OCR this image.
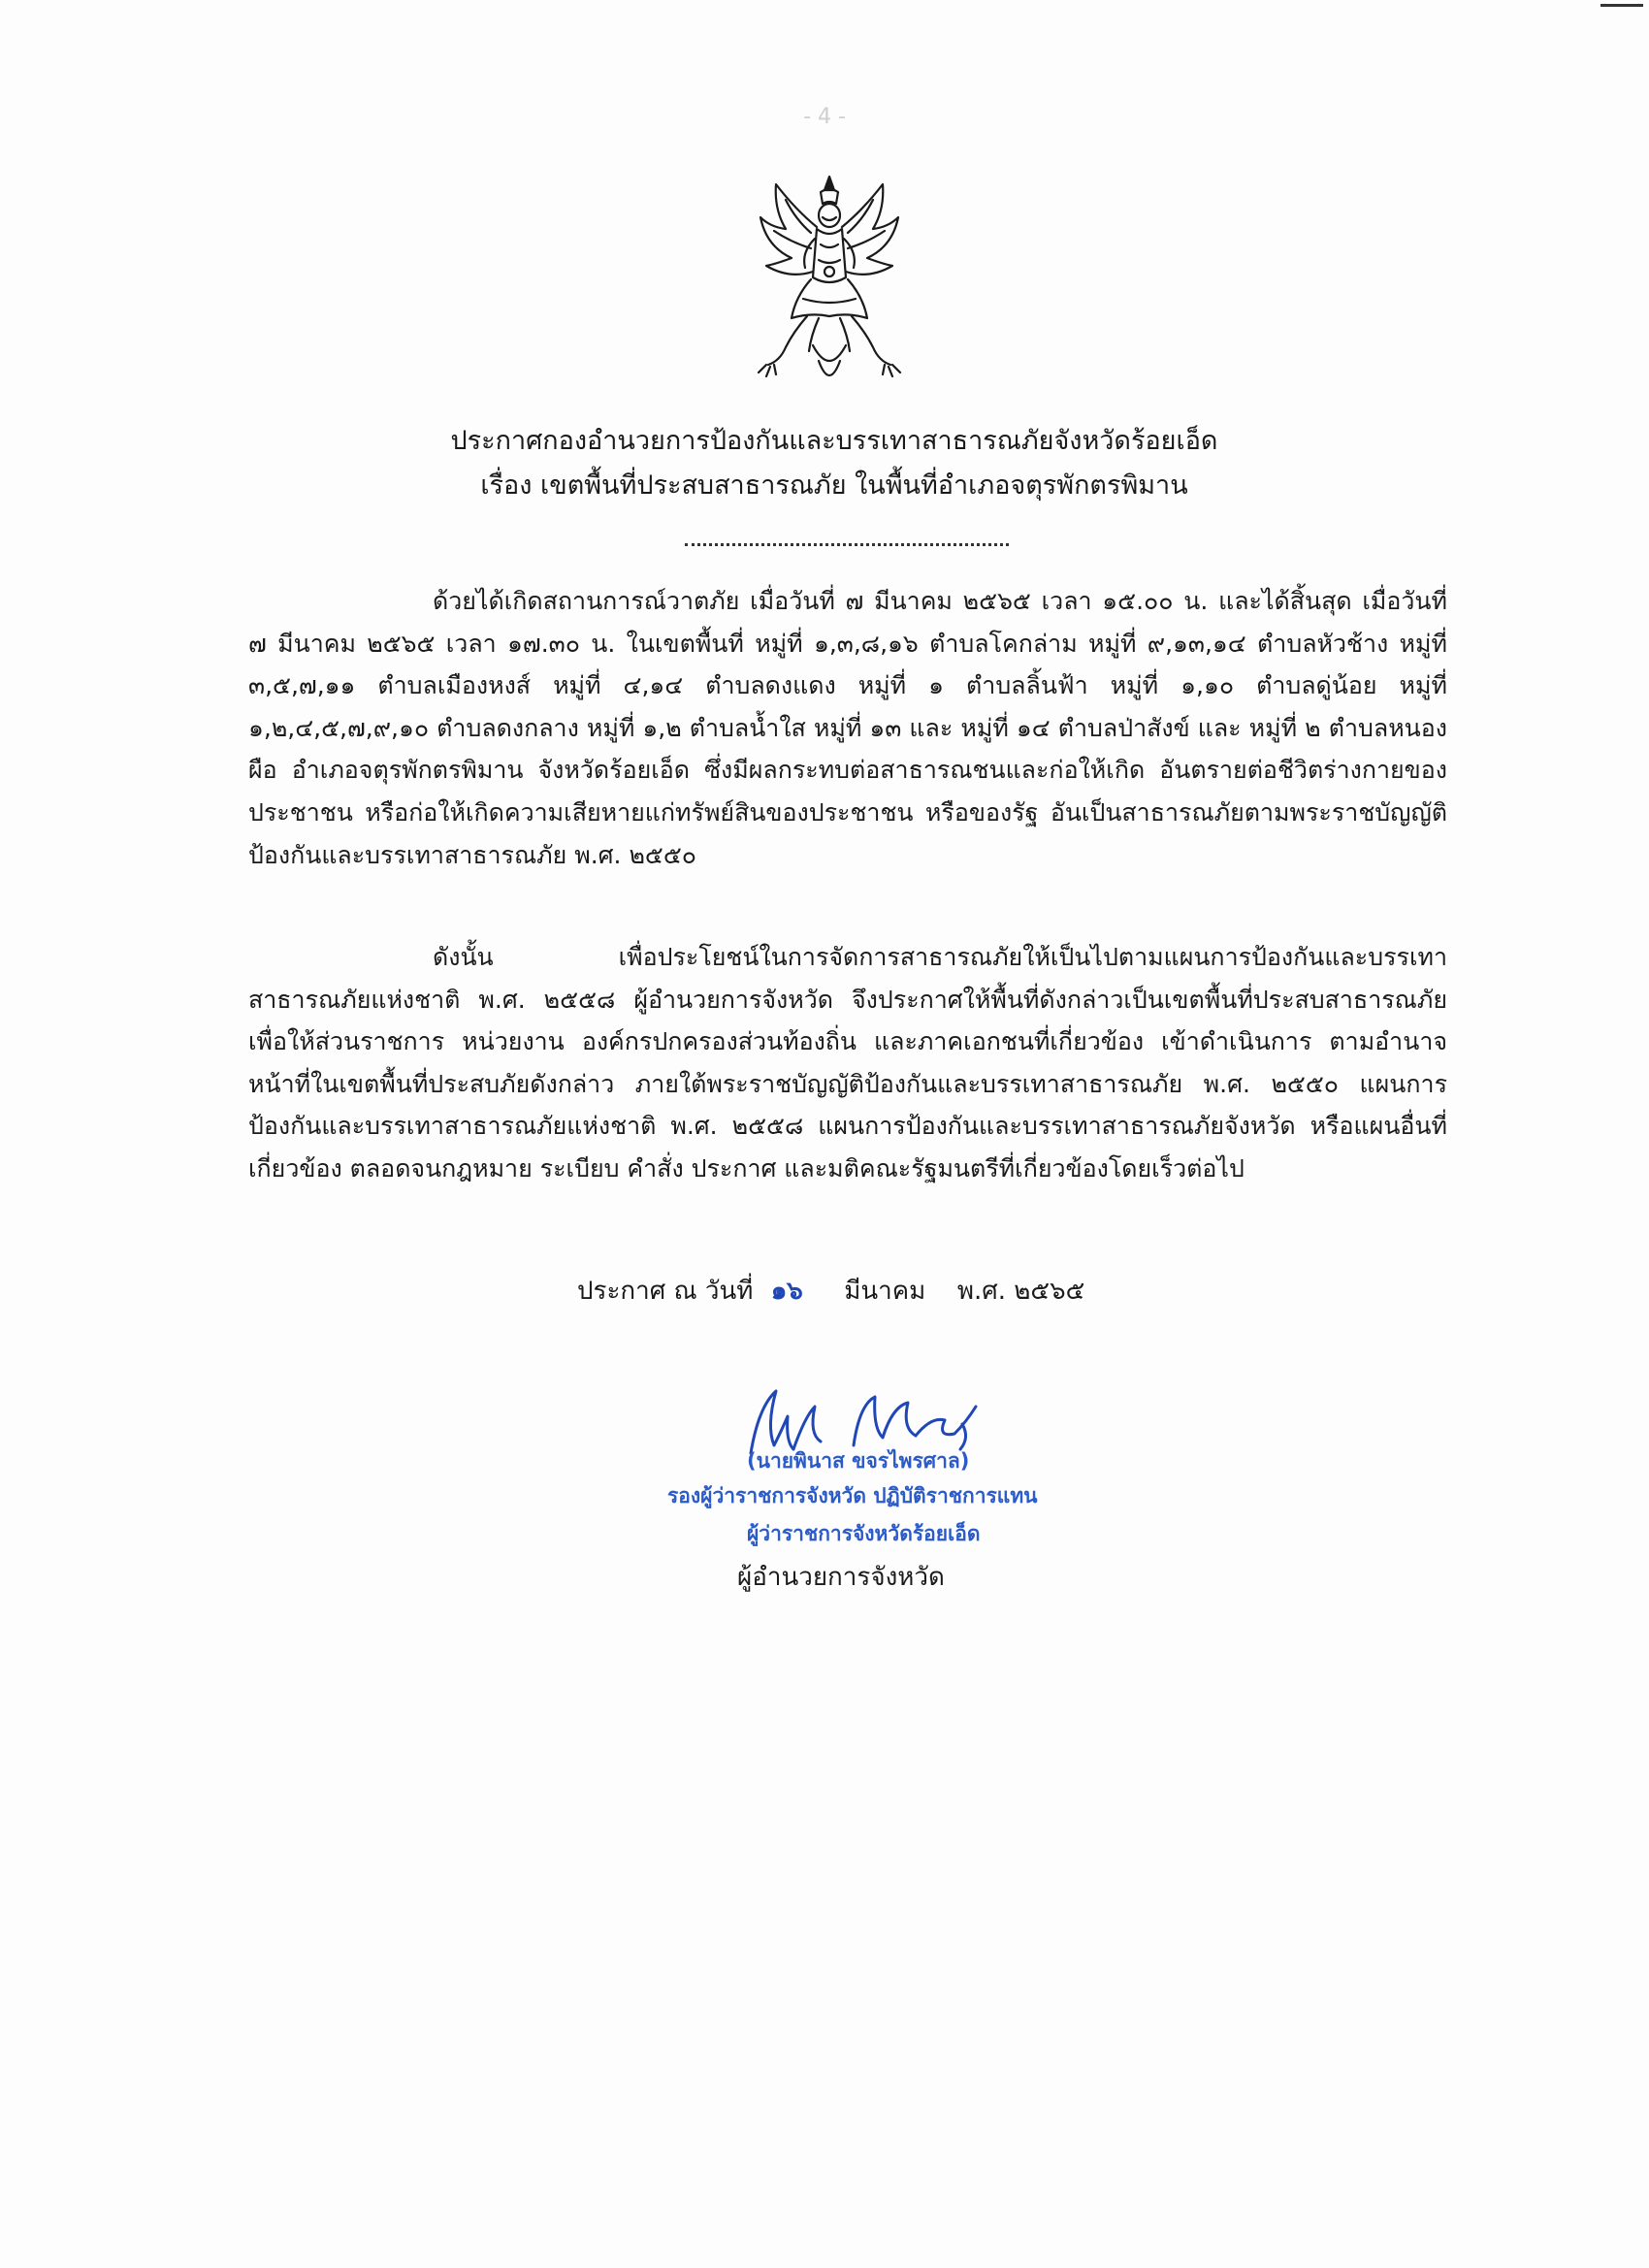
- 4 -
ประกาศกองอำนวยการป้องกันและบรรเทาสาธารณภัยจังหวัดร้อยเอ็ด
เรื่อง เขตพื้นที่ประสบสาธารณภัย ในพื้นที่อำเภอจตุรพักตรพิมาน

ด้วยได้เกิดสถานการณ์วาตภัย เมื่อวันที่ ๗ มีนาคม ๒๕๖๕ เวลา ๑๕.๐๐ น. และได้สิ้นสุด เมื่อวันที่ ๗ มีนาคม ๒๕๖๕ เวลา ๑๗.๓๐ น. ในเขตพื้นที่ หมู่ที่ ๑,๓,๘,๑๖ ตำบลโคกล่าม หมู่ที่ ๙,๑๓,๑๔ ตำบลหัวช้าง หมู่ที่ ๓,๕,๗,๑๑ ตำบลเมืองหงส์ หมู่ที่ ๔,๑๔ ตำบลดงแดง หมู่ที่ ๑ ตำบลลิ้นฟ้า หมู่ที่ ๑,๑๐ ตำบลดู่น้อย หมู่ที่ ๑,๒,๔,๕,๗,๙,๑๐ ตำบลดงกลาง หมู่ที่ ๑,๒ ตำบลน้ำใส หมู่ที่ ๑๓ และ หมู่ที่ ๑๔ ตำบลป่าสังข์ และ หมู่ที่ ๒ ตำบลหนองผือ อำเภอจตุรพักตรพิมาน จังหวัดร้อยเอ็ด ซึ่งมีผลกระทบต่อสาธารณชนและก่อให้เกิด อันตรายต่อชีวิตร่างกายของประชาชน หรือก่อให้เกิดความเสียหายแก่ทรัพย์สินของประชาชน หรือของรัฐ อันเป็นสาธารณภัยตามพระราชบัญญัติป้องกันและบรรเทาสาธารณภัย พ.ศ. ๒๕๕๐

ดังนั้น เพื่อประโยชน์ในการจัดการสาธารณภัยให้เป็นไปตามแผนการป้องกันและบรรเทา สาธารณภัยแห่งชาติ พ.ศ. ๒๕๕๘ ผู้อำนวยการจังหวัด จึงประกาศให้พื้นที่ดังกล่าวเป็นเขตพื้นที่ประสบสาธารณภัย เพื่อให้ส่วนราชการ หน่วยงาน องค์กรปกครองส่วนท้องถิ่น และภาคเอกชนที่เกี่ยวข้อง เข้าดำเนินการ ตามอำนาจหน้าที่ในเขตพื้นที่ประสบภัยดังกล่าว ภายใต้พระราชบัญญัติป้องกันและบรรเทาสาธารณภัย พ.ศ. ๒๕๕๐ แผนการป้องกันและบรรเทาสาธารณภัยแห่งชาติ พ.ศ. ๒๕๕๘ แผนการป้องกันและบรรเทาสาธารณภัยจังหวัด หรือแผนอื่นที่เกี่ยวข้อง ตลอดจนกฎหมาย ระเบียบ คำสั่ง ประกาศ และมติคณะรัฐมนตรีที่เกี่ยวข้องโดยเร็วต่อไป

ประกาศ ณ วันที่ ๑๖ มีนาคม พ.ศ. ๒๕๖๕
(นายพินาส ขจรไพรศาล)
รองผู้ว่าราชการจังหวัด ปฏิบัติราชการแทน
ผู้ว่าราชการจังหวัดร้อยเอ็ด
ผู้อำนวยการจังหวัด
